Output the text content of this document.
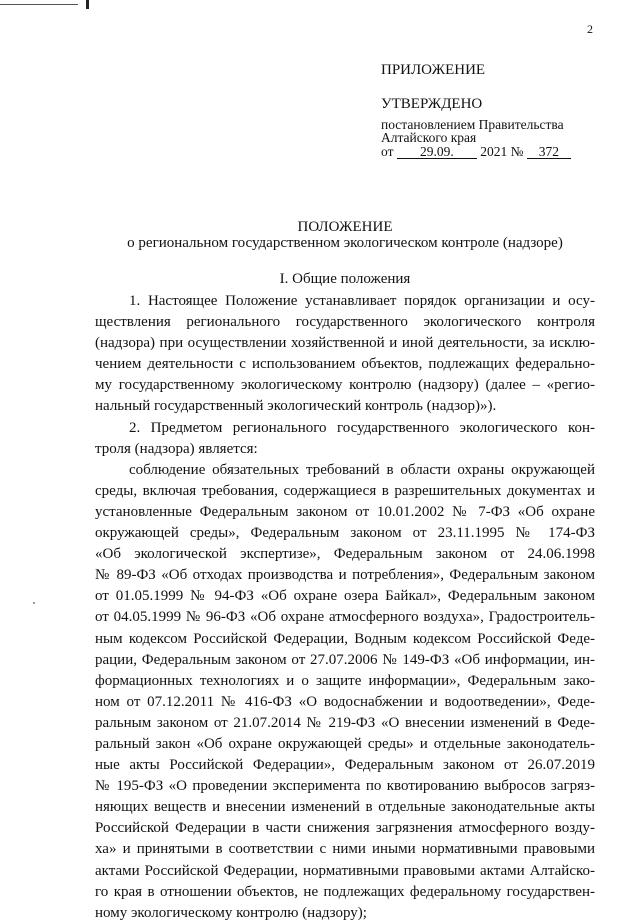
2
ПРИЛОЖЕНИЕ
УТВЕРЖДЕНО
постановлением Правительства
Алтайского края
от 29.09. 2021 № 372
ПОЛОЖЕНИЕ
о региональном государственном экологическом контроле (надзоре)
I. Общие положения
1. Настоящее Положение устанавливает порядок организации и осу-
ществления регионального государственного экологического контроля
(надзора) при осуществлении хозяйственной и иной деятельности, за исклю-
чением деятельности с использованием объектов, подлежащих федерально-
му государственному экологическому контролю (надзору) (далее – «регио-
нальный государственный экологический контроль (надзор)»).
2. Предметом регионального государственного экологического кон-
троля (надзора) является:
соблюдение обязательных требований в области охраны окружающей
среды, включая требования, содержащиеся в разрешительных документах и
установленные Федеральным законом от 10.01.2002 № 7-ФЗ «Об охране
окружающей среды», Федеральным законом от 23.11.1995 № 174-ФЗ
«Об экологической экспертизе», Федеральным законом от 24.06.1998
№ 89-ФЗ «Об отходах производства и потребления», Федеральным законом
от 01.05.1999 № 94-ФЗ «Об охране озера Байкал», Федеральным законом
от 04.05.1999 № 96-ФЗ «Об охране атмосферного воздуха», Градостроитель-
ным кодексом Российской Федерации, Водным кодексом Российской Феде-
рации, Федеральным законом от 27.07.2006 № 149-ФЗ «Об информации, ин-
формационных технологиях и о защите информации», Федеральным зако-
ном от 07.12.2011 № 416-ФЗ «О водоснабжении и водоотведении», Феде-
ральным законом от 21.07.2014 № 219-ФЗ «О внесении изменений в Феде-
ральный закон «Об охране окружающей среды» и отдельные законодатель-
ные акты Российской Федерации», Федеральным законом от 26.07.2019
№ 195-ФЗ «О проведении эксперимента по квотированию выбросов загряз-
няющих веществ и внесении изменений в отдельные законодательные акты
Российской Федерации в части снижения загрязнения атмосферного возду-
ха» и принятыми в соответствии с ними иными нормативными правовыми
актами Российской Федерации, нормативными правовыми актами Алтайско-
го края в отношении объектов, не подлежащих федеральному государствен-
ному экологическому контролю (надзору);
